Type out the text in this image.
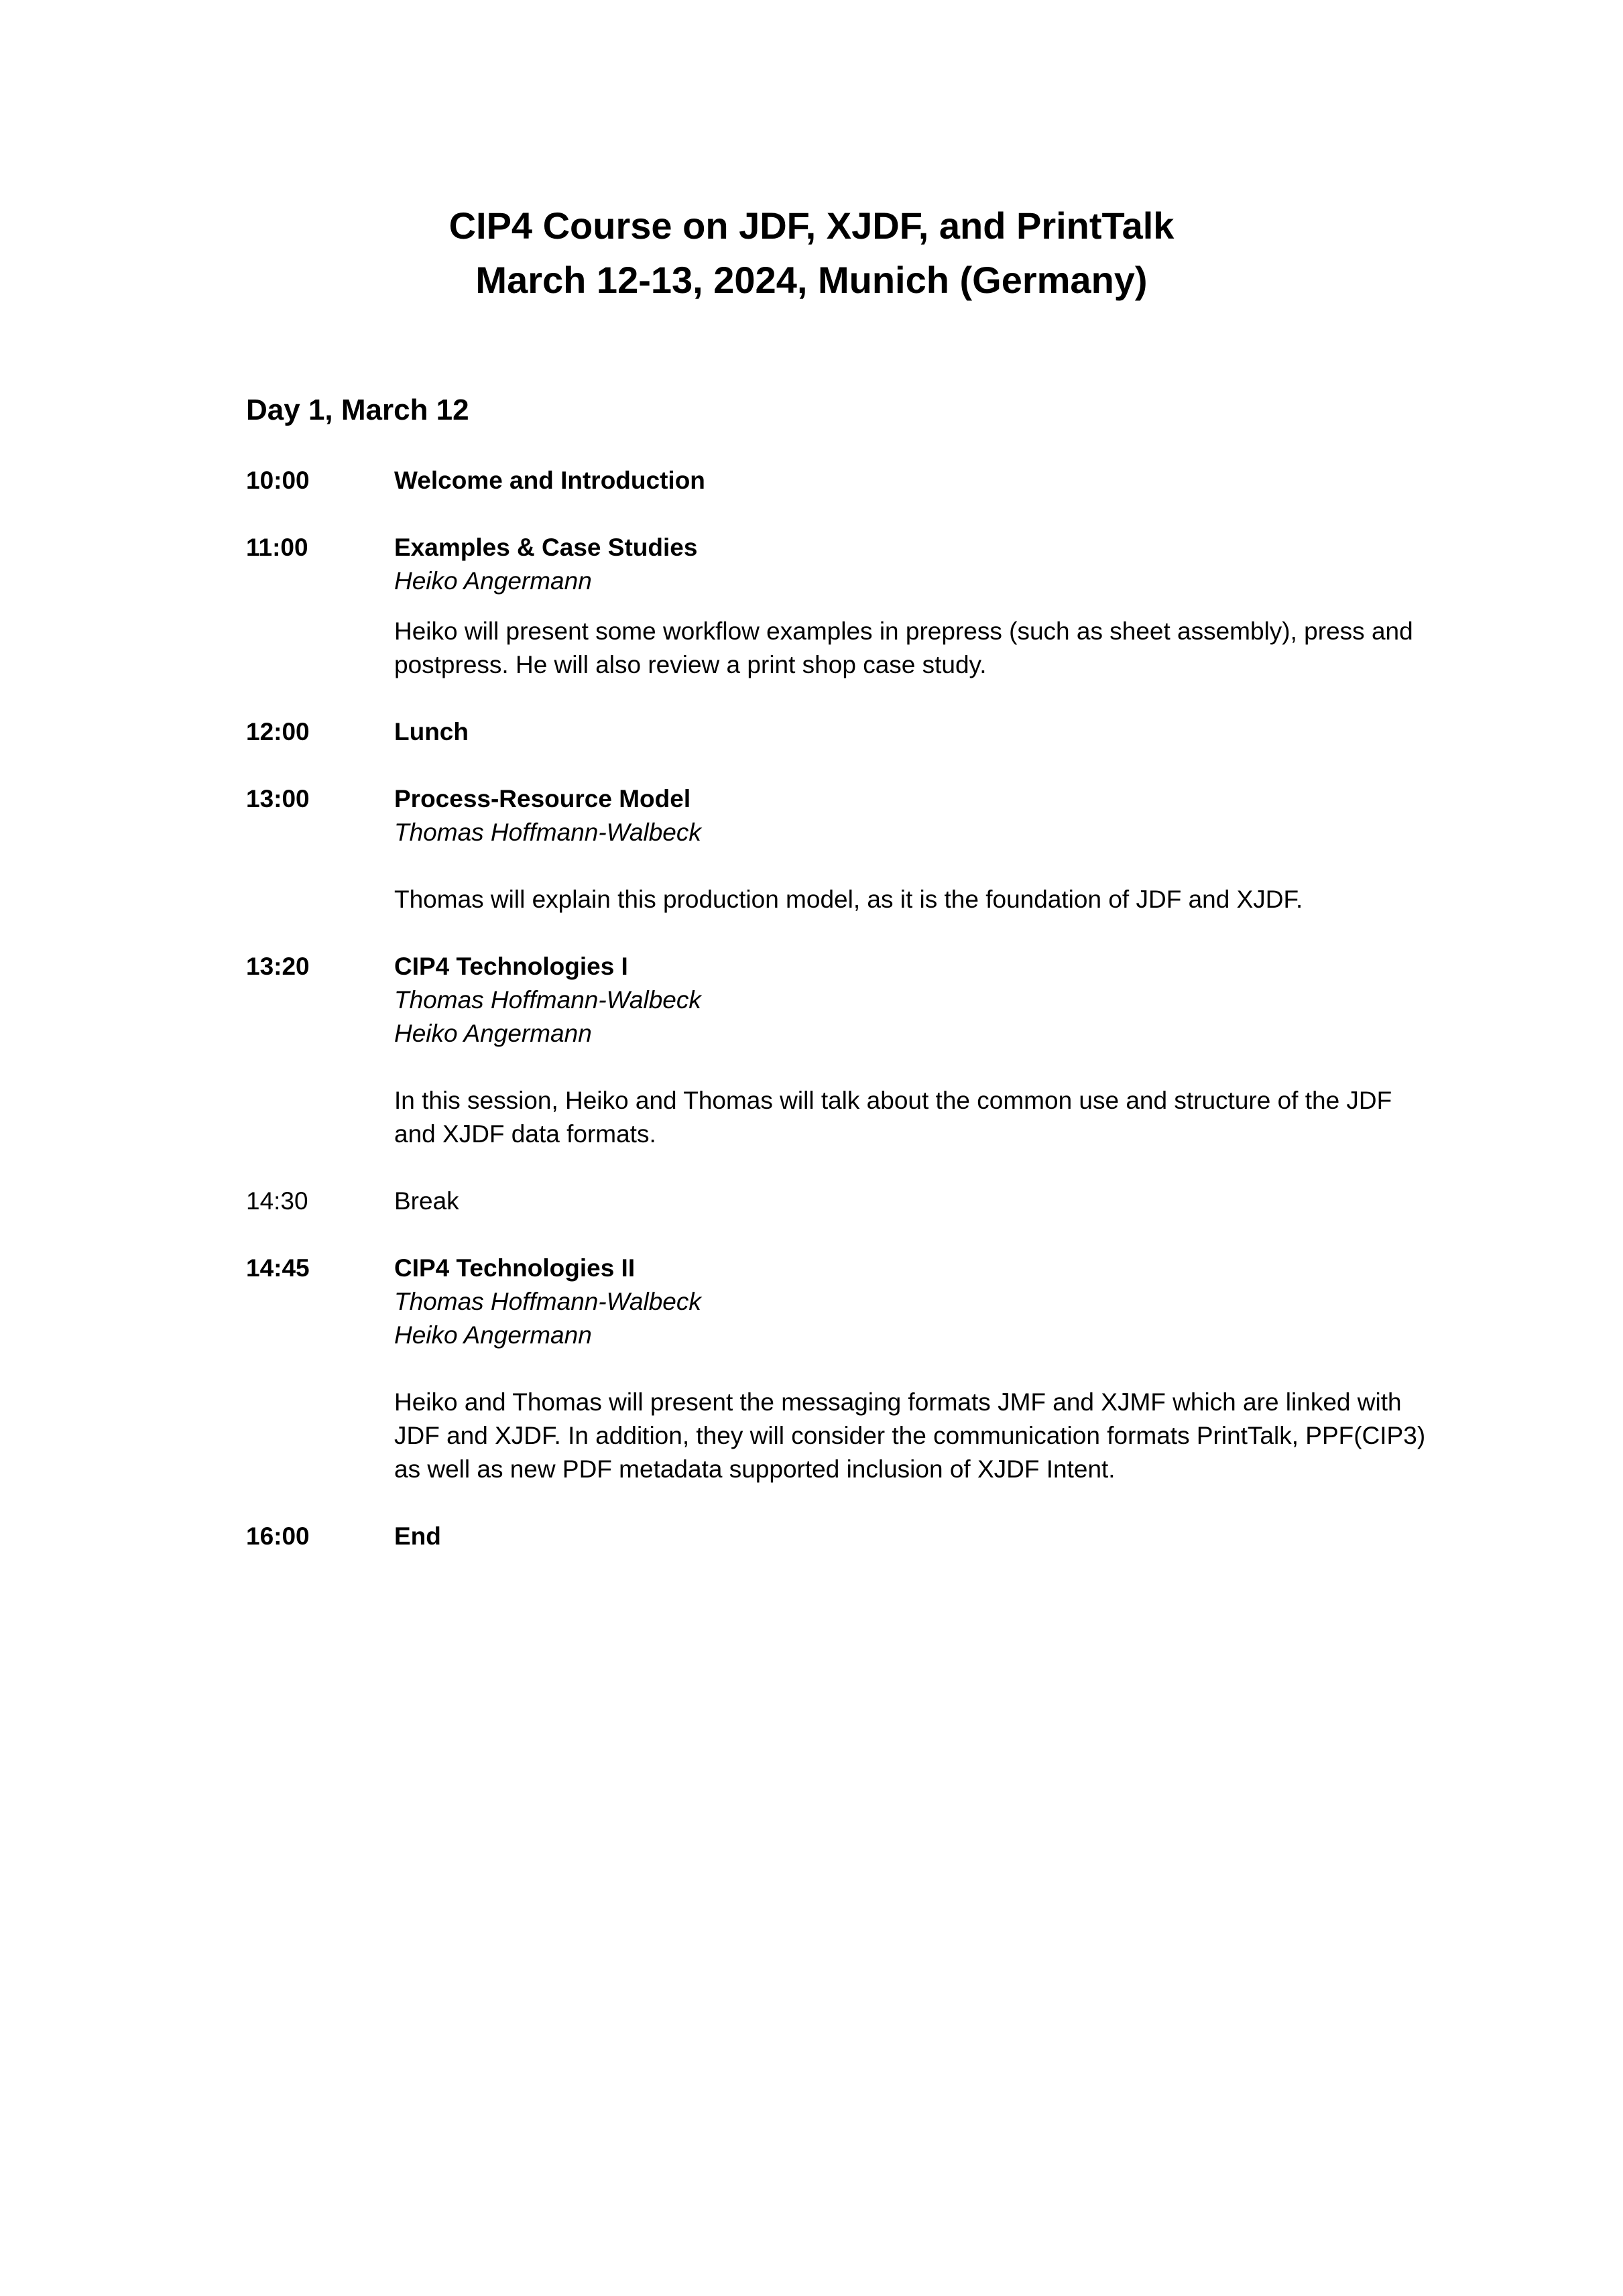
CIP4 Course on JDF, XJDF, and PrintTalk
March 12-13, 2024, Munich (Germany)
Day 1, March 12
10:00	Welcome and Introduction
11:00	Examples & Case Studies
Heiko Angermann
Heiko will present some workflow examples in prepress (such as sheet assembly), press and postpress. He will also review a print shop case study.
12:00	Lunch
13:00	Process-Resource Model
Thomas Hoffmann-Walbeck
Thomas will explain this production model, as it is the foundation of JDF and XJDF.
13:20	CIP4 Technologies I
Thomas Hoffmann-Walbeck
Heiko Angermann
In this session, Heiko and Thomas will talk about the common use and structure of the JDF and XJDF data formats.
14:30	Break
14:45	CIP4 Technologies II
Thomas Hoffmann-Walbeck
Heiko Angermann
Heiko and Thomas will present the messaging formats JMF and XJMF which are linked with JDF and XJDF. In addition, they will consider the communication formats PrintTalk, PPF(CIP3) as well as new PDF metadata supported inclusion of XJDF Intent.
16:00	End
